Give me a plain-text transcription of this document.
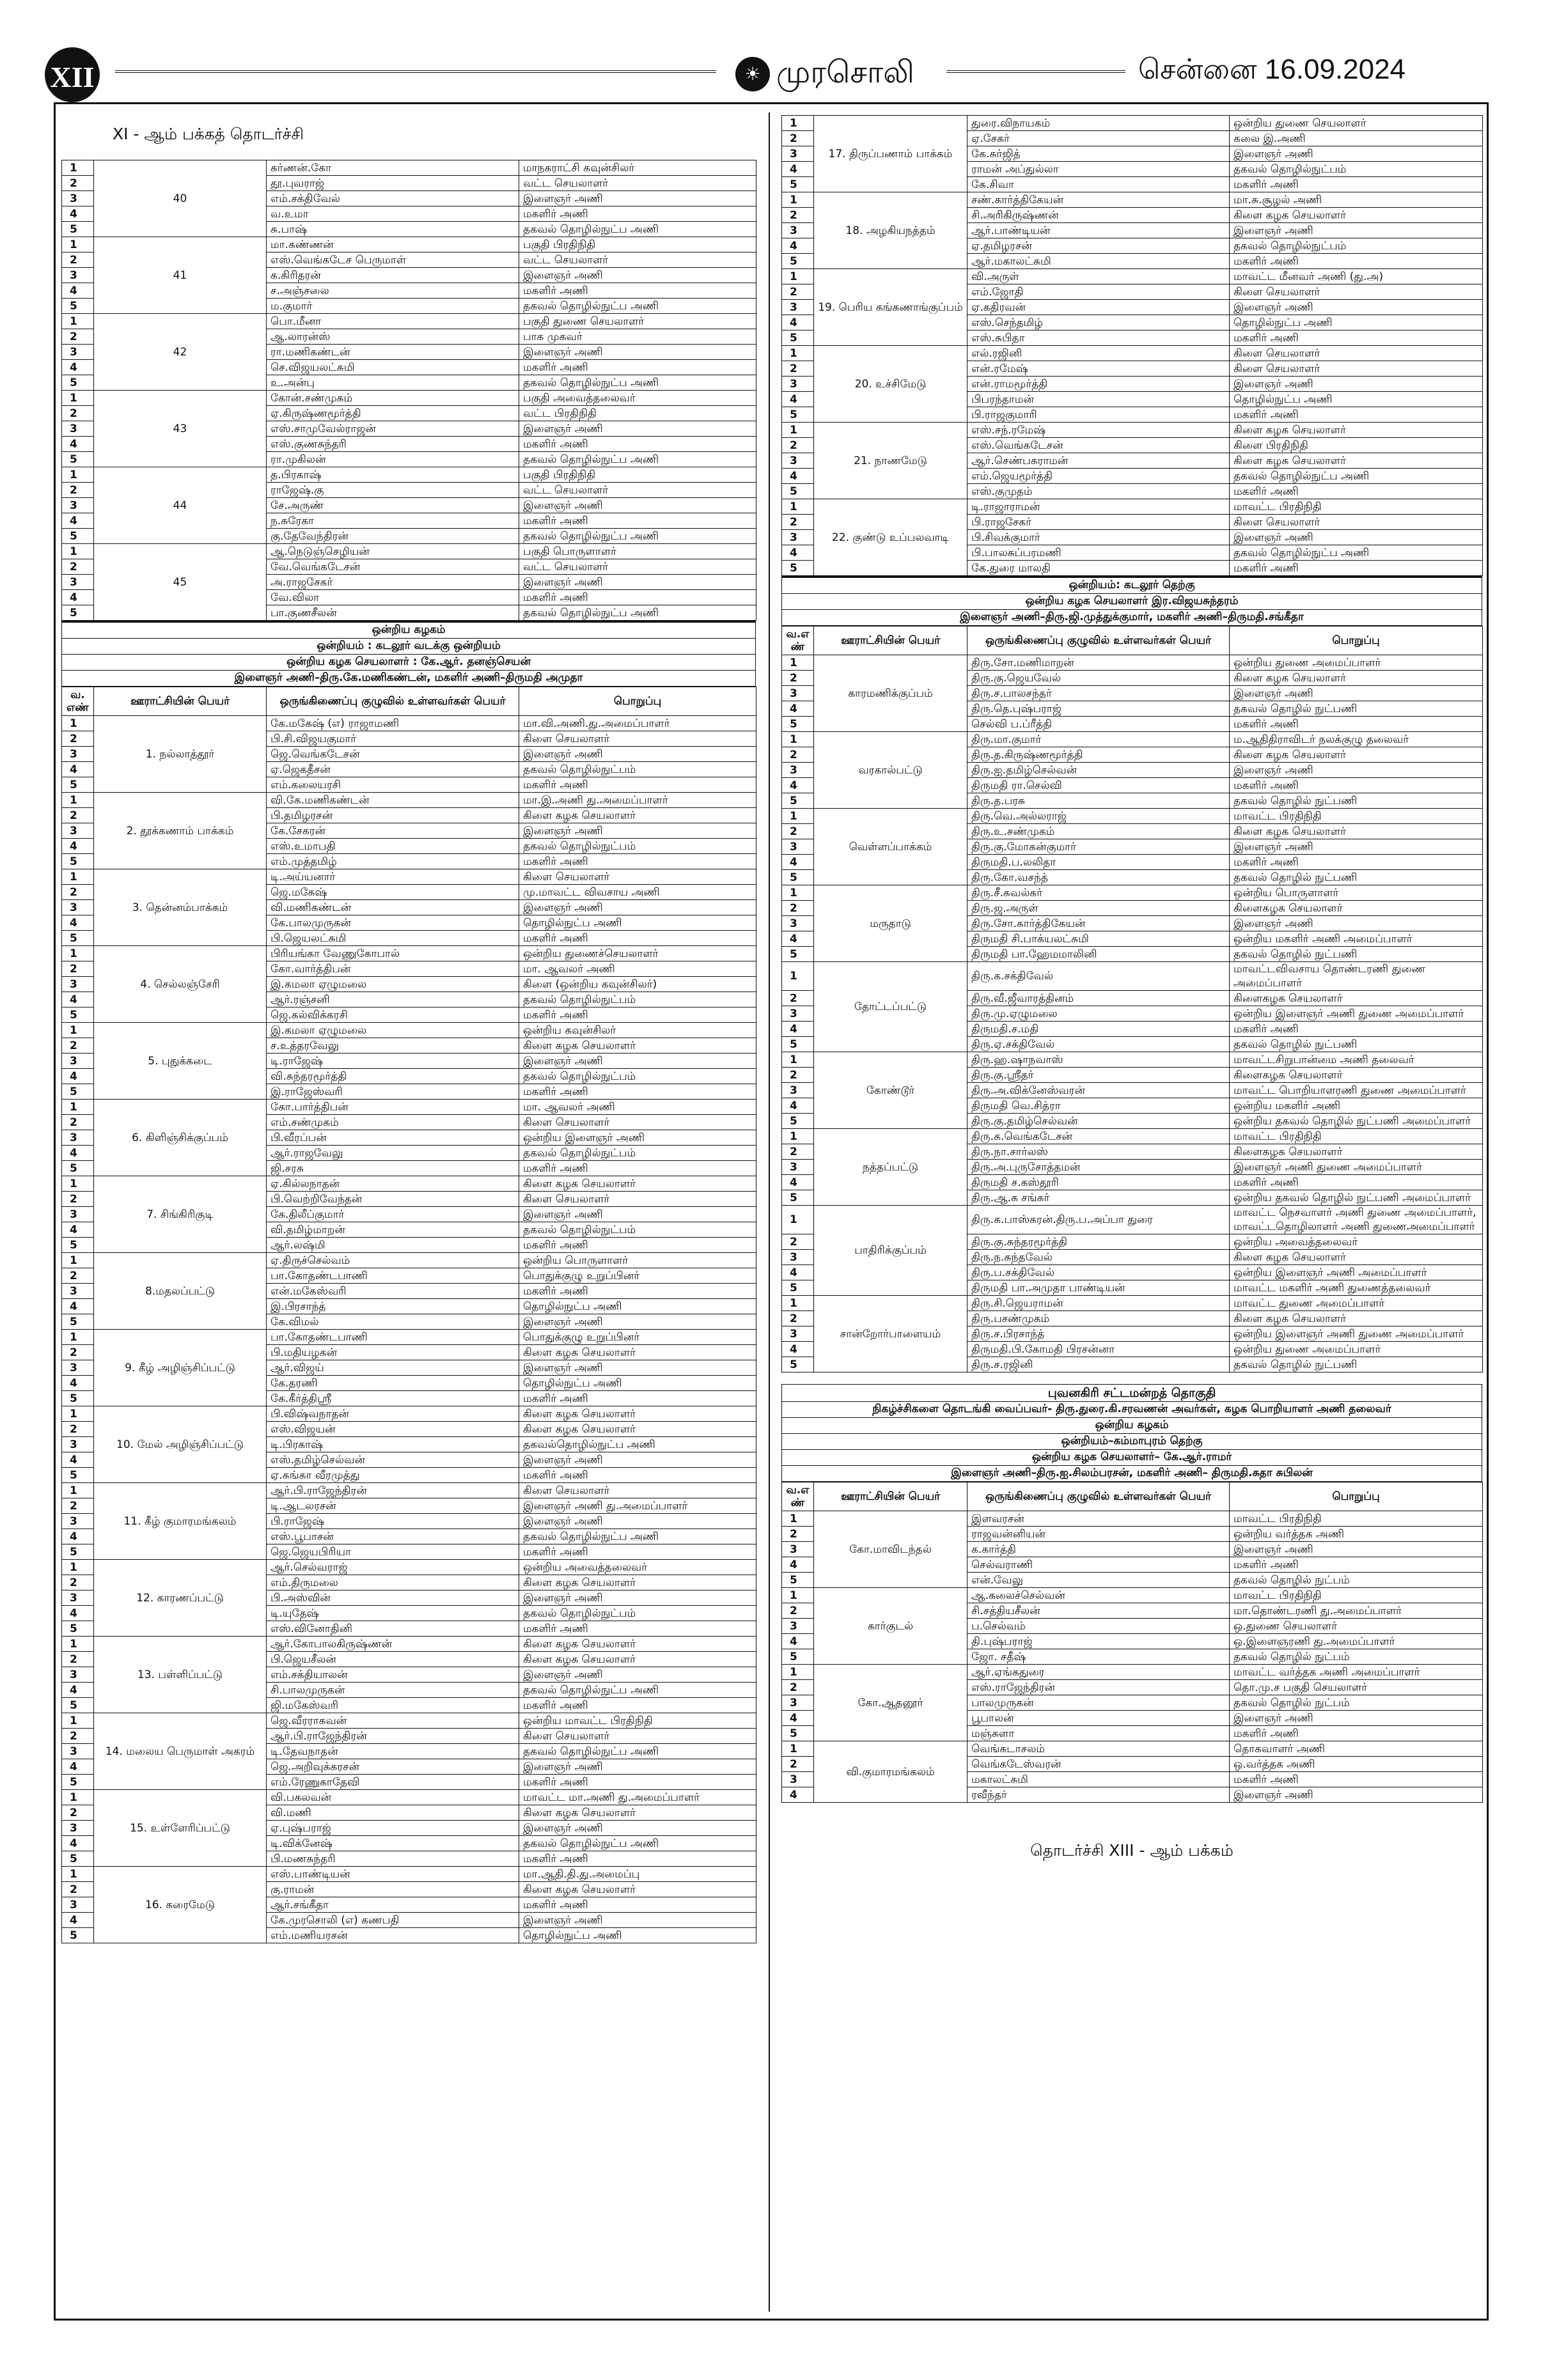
XII	☀ முரசொலி	சென்னை 16.09.2024
XI - ஆம் பக்கத் தொடர்ச்சி
1	40	கர்ணன்.கோ	மாநகராட்சி கவுன்சிலர்
2		தூ.புவராஜ்	வட்ட செயலாளர்
3		எம்.சக்திவேல்	இளைஞர் அணி
4		வ.உமா	மகளிர் அணி
5		சு.பாஷ்	தகவல் தொழில்நுட்ப அணி
1	41	மா.கண்ணன்	பகுதி பிரதிநிதி
2		எஸ்.வெங்கடேச பெருமாள்	வட்ட செயலாளர்
3		க.கிரிதரன்	இளைஞர் அணி
4		ச.அஞ்சலை	மகளிர் அணி
5		ம.குமார்	தகவல் தொழில்நுட்ப அணி
1	42	பொ.மீனா	பகுதி துணை செயலாளர்
2		ஆ.லாரன்ஸ்	பாக முகவர்
3		ரா.மணிகண்டன்	இளைஞர் அணி
4		செ.விஜயலட்சுமி	மகளிர் அணி
5		உ.அன்பு	தகவல் தொழில்நுட்ப அணி
1	43	கோன்.சண்முகம்	பகுதி அவைத்தலைவர்
2		ஏ.கிருஷ்ணமூர்த்தி	வட்ட பிரதிநிதி
3		எஸ்.சாமுவேல்ராஜன்	இளைஞர் அணி
4		எஸ்.குணசுந்தரி	மகளிர் அணி
5		ரா.முகிலன்	தகவல் தொழில்நுட்ப அணி
1	44	த.பிரகாஷ்	பகுதி பிரதிநிதி
2		ராஜேஷ்.கு	வட்ட செயலாளர்
3		சே.அருண்	இளைஞர் அணி
4		ந.சுரேகா	மகளிர் அணி
5		கு.தேவேந்திரன்	தகவல் தொழில்நுட்ப அணி
1	45	ஆ.நெடுஞ்செழியன்	பகுதி பொருளாளர்
2		வே.வெங்கடேசன்	வட்ட செயலாளர்
3		அ.ராஜசேகர்	இளைஞர் அணி
4		வே.விலா	மகளிர் அணி
5		பா.குணசீலன்	தகவல் தொழில்நுட்ப அணி
ஒன்றிய கழகம்
ஒன்றியம் : கடலூர் வடக்கு ஒன்றியம்
ஒன்றிய கழக செயலாளர் : கே.ஆர். தனஞ்செயன்
இளைஞர் அணி–திரு.கே.மணிகண்டன், மகளிர் அணி–திருமதி அமுதா
வ. எண்	ஊராட்சியின் பெயர்	ஒருங்கிணைப்பு குழுவில் உள்ளவர்கள் பெயர்	பொறுப்பு
1	1. நல்லாத்தூர்	கே.மகேஷ் (எ) ராஜாமணி	மா.வி.அணி.து.அமைப்பாளர்
2		பி.சி.விஜயகுமார்	கிளை செயலாளர்
3		ஜெ.வெங்கடேசன்	இளைஞர் அணி
4		ஏ.ஜெகதீசன்	தகவல் தொழில்நுட்பம்
5		எம்.கலையரசி	மகளிர் அணி
1	2. தூக்கணாம் பாக்கம்	வி.கே.மணிகண்டன்	மா.இ.அணி து.அமைப்பாளர்
2		பி.தமிழரசன்	கிளை கழக செயலாளர்
3		கே.சேகரன்	இளைஞர் அணி
4		எஸ்.உமாபதி	தகவல் தொழில்நுட்பம்
5		எம்.முத்தமிழ்	மகளிர் அணி
1	3. தென்னம்பாக்கம்	டி.அய்யனார்	கிளை செயலாளர்
2		ஜெ.மகேஷ்	மு.மாவட்ட விவசாய அணி
3		வி.மணிகண்டன்	இளைஞர் அணி
4		கே.பாலமுருகன்	தொழில்நுட்ப அணி
5		பி.ஜெயலட்சுமி	மகளிர் அணி
1	4. செல்லஞ்சேரி	பிரியங்கா வேணுகோபால்	ஒன்றிய துணைச்செயலாளர்
2		கோ.வார்த்திபன்	மா. ஆவலர் அணி
3		இ.கமலா ஏழுமலை	கிளை (ஒன்றிய கவுன்சிலர்)
4		ஆர்.ரஞ்சனி	தகவல் தொழில்நுட்பம்
5		ஜெ.கல்விக்கரசி	மகளிர் அணி
1	5. புதுக்கடை	இ.கமலா ஏழுமலை	ஒன்றிய கவுன்சிலர்
2		ச.உத்தரவேலு	கிளை கழக செயலாளர்
3		டி.ராஜேஷ்	இளைஞர் அணி
4		வி.சுந்தரமூர்த்தி	தகவல் தொழில்நுட்பம்
5		இ.ராஜேஸ்வரி	மகளிர் அணி
1	6. கிளிஞ்சிக்குப்பம்	கோ.பார்த்திபன்	மா. ஆவலர் அணி
2		எம்.சண்முகம்	கிளை செயலாளர்
3		பி.வீரப்பன்	ஒன்றிய இளைஞர் அணி
4		ஆர்.ராஜவேலு	தகவல் தொழில்நுட்பம்
5		ஜி.சரசு	மகளிர் அணி
1	7. சிங்கிரிகுடி	ஏ.கில்லநாதன்	கிளை கழக செயலாளர்
2		பி.வெற்றிவேந்தன்	கிளை செயலாளர்
3		கே.திலீப்குமார்	இளைஞர் அணி
4		வி.தமிழ்மாறன்	தகவல் தொழில்நுட்பம்
5		ஆர்.லஷ்மி	மகளிர் அணி
1	8.மதலப்பட்டு	ஏ.திருச்செல்வம்	ஒன்றிய பொருளாளர்
2		பா.கோதண்டபாணி	பொதுக்குழு உறுப்பினர்
3		என்.மகேஸ்வரி	மகளிர் அணி
4		இ.பிரசாந்த்	தொழில்நுட்ப அணி
5		கே.விமல்	இளைஞர் அணி
1	9. கீழ் அழிஞ்சிப்பட்டு	பா.கோதண்டபாணி	பொதுக்குழு உறுப்பினர்
2		பி.மதியழகன்	கிளை கழக செயலாளர்
3		ஆர்.விஜய்	இளைஞர் அணி
4		கே.தரணி	தொழில்நுட்ப அணி
5		கே.கீர்த்திஸ்ரீ	மகளிர் அணி
1	10. மேல் அழிஞ்சிப்பட்டு	பி.விஷ்வநாதன்	கிளை கழக செயலாளர்
2		எஸ்.விஜயன்	கிளை கழக செயலாளர்
3		டி.பிரகாஷ்	தகவல்தொழில்நுட்ப அணி
4		எஸ்.தமிழ்செல்வன்	இளைஞர் அணி
5		ஏ.சுங்கா வீரமுத்து	மகளிர் அணி
1	11. கீழ் குமாரமங்கலம்	ஆர்.பி.ராஜேந்திரன்	கிளை செயலாளர்
2		டி.ஆடலரசன்	இளைஞர் அணி து.அமைப்பாளர்
3		பி.ராஜேஷ்	இளைஞர் அணி
4		எஸ்.பூபாசன்	தகவல் தொழில்நுட்ப அணி
5		ஜெ.ஜெயபிரியா	மகளிர் அணி
1	12. காரணப்பட்டு	ஆர்.செல்வராஜ்	ஒன்றிய அவைத்தலைவர்
2		எம்.திருமலை	கிளை கழக செயலாளர்
3		பி.அஸ்வின்	இளைஞர் அணி
4		டி.யுதேஷ்	தகவல் தொழில்நுட்பம்
5		எஸ்.வினோதினி	மகளிர் அணி
1	13. பள்ளிப்பட்டு	ஆர்.கோபாலகிருஷ்ணன்	கிளை கழக செயலாளர்
2		பி.ஜெயசீலன்	கிளை கழக செயலாளர்
3		எம்.சக்தியாலன்	இளைஞர் அணி
4		சி.பாலமுருகன்	தகவல் தொழில்நுட்ப அணி
5		ஜி.மகேஸ்வரி	மகளிர் அணி
1	14. மலைய பெருமாள் அகரம்	ஜெ.வீரராகவன்	ஒன்றிய மாவட்ட பிரதிநிதி
2		ஆர்.பி.ராஜேந்திரன்	கிளை செயலாளர்
3		டி.தேவநாதன்	தகவல் தொழில்நுட்ப அணி
4		ஜெ.அறிவுக்கரசன்	இளைஞர் அணி
5		எம்.ரேணுகாதேவி	மகளிர் அணி
1	15. உள்ளேரிப்பட்டு	வி.பகலவன்	மாவட்ட மா.அணி து.அமைப்பாளர்
2		வி.மணி	கிளை கழக செயலாளர்
3		ஏ.புஷ்பராஜ்	இளைஞர் அணி
4		டி.விக்னேஷ்	தகவல் தொழில்நுட்ப அணி
5		பி.மணசுந்தரி	மகளிர் அணி
1	16. கரைமேடு	எஸ்.பாண்டியன்	மா.ஆதி.தி.து.அமைப்பு
2		கு.ராமன்	கிளை கழக செயலாளர்
3		ஆர்.சங்கீதா	மகளிர் அணி
4		கே.முரசொலி (எ) கணபதி	இளைஞர் அணி
5		எம்.மணியரசன்	தொழில்நுட்ப அணி
1	17. திருப்பணாம் பாக்கம்	துரை.விநாயகம்	ஒன்றிய துணை செயலாளர்
2		ஏ.சேகர்	கலை இ.அணி
3		கே.சுர்ஜித்	இளைஞர் அணி
4		ராமன் அப்துல்லா	தகவல் தொழில்நுட்பம்
5		கே.சிவா	மகளிர் அணி
1	18. அழகியநத்தம்	சண்.கார்த்திகேயன்	மா.சு.சூழல் அணி
2		சி.அரிகிருஷ்ணன்	கிளை கழக செயலாளர்
3		ஆர்.பாண்டியன்	இளைஞர் அணி
4		ஏ.தமிழரசன்	தகவல் தொழில்நுட்பம்
5		ஆர்.மகாலட்சுமி	மகளிர் அணி
1	19. பெரிய கங்கணாங்குப்பம்	வி.அருள்	மாவட்ட மீனவர் அணி (து.அ)
2		எம்.ஜோதி	கிளை செயலாளர்
3		ஏ.கதிரவன்	இளைஞர் அணி
4		எஸ்.செந்தமிழ்	தொழில்நுட்ப அணி
5		எஸ்.சுபிதா	மகளிர் அணி
1	20. உச்சிமேடு	எல்.ரஜினி	கிளை செயலாளர்
2		என்.ரமேஷ்	கிளை செயலாளர்
3		என்.ராமமூர்த்தி	இளைஞர் அணி
4		பிபரந்தாமன்	தொழில்நுட்ப அணி
5		பி.ராஜகுமாரி	மகளிர் அணி
1	21. நாணமேடு	எஸ்.சந்.ரமேஷ்	கிளை கழக செயலாளர்
2		எஸ்.வெங்கடேசன்	கிளை பிரதிநிதி
3		ஆர்.செண்பகராமன்	கிளை கழக செயலாளர்
4		எம்.ஜெயமூர்த்தி	தகவல் தொழில்நுட்ப அணி
5		எஸ்.குமுதம்	மகளிர் அணி
1	22. குண்டு உப்பலவாடி	டி.ராஜாராமன்	மாவட்ட பிரதிநிதி
2		பி.ராஜசேகர்	கிளை செயலாளர்
3		பி.சிவக்குமார்	இளைஞர் அணி
4		பி.பாலசுப்பரமணி	தகவல் தொழில்நுட்ப அணி
5		கே.துரை மாலதி	மகளிர் அணி
ஒன்றியம்: கடலூர் தெற்கு
ஒன்றிய கழக செயலாளர் இர.விஜயசுந்தரம்
இளைஞர் அணி–திரு.ஜி.முத்துக்குமார், மகளிர் அணி–திருமதி.சங்கீதா
வ.எ ண்	ஊராட்சியின் பெயர்	ஒருங்கிணைப்பு குழுவில் உள்ளவர்கள் பெயர்	பொறுப்பு
1	காரமணிக்குப்பம்	திரு.சோ.மணிமாறன்	ஒன்றிய துணை அமைப்பாளர்
2		திரு.கு.ஜெயவேல்	கிளை கழக செயலாளர்
3		திரு.ச.பாலசந்தர்	இளைஞர் அணி
4		திரு.தெ.புஷ்பராஜ்	தகவல் தொழில் நுட்பணி
5		செல்வி ப.ப்ரீத்தி	மகளிர் அணி
1	வரகால்பட்டு	திரு.மா.குமார்	ம.ஆதிதிராவிடர் நலக்குழு தலைவர்
2		திரு.த.கிருஷ்ணமூர்த்தி	கிளை கழக செயலாளர்
3		திரு.ஐ.தமிழ்செல்வன்	இளைஞர் அணி
4		திருமதி ரா.செல்வி	மகளிர் அணி
5		திரு.த.பரசு	தகவல் தொழில் நுட்பணி
1	வெள்ளப்பாக்கம்	திரு.வெ.அல்லராஜ்	மாவட்ட பிரதிநிதி
2		திரு.உ.சண்முகம்	கிளை கழக செயலாளர்
3		திரு.கு.மோகன்குமார்	இளைஞர் அணி
4		திருமதி.ப.லலிதா	மகளிர் அணி
5		திரு.கோ.வசந்த்	தகவல் தொழில் நுட்பணி
1	மருதாடு	திரு.சீ.சுவல்கர்	ஒன்றிய பொருளாளர்
2		திரு.ஜ.அருள்	கிளைகழக செயலாளர்
3		திரு.சோ.கார்த்திகேயன்	இளைஞர் அணி
4		திருமதி சி.பாக்யலட்சுமி	ஒன்றிய மகளிர் அணி அமைப்பாளர்
5		திருமதி பா.ஹேமமாலினி	தகவல் தொழில் நுட்பணி
1	தோட்டப்பட்டு	திரு.க.சக்திவேல்	மாவட்டவிவசாய தொண்டரணி துணை அமைப்பாளர்
2		திரு.வீ.ஜீவாரத்தினம்	கிளைகழக செயலாளர்
3		திரு.மு.ஏழுமலை	ஒன்றிய இளைஞர் அணி துணை அமைப்பாளர்
4		திருமதி.ச.மதி	மகளிர் அணி
5		திரு.ஏ.சக்திவேல்	தகவல் தொழில் நுட்பணி
1	கோண்டூர்	திரு.ஹ.ஷாநவாஸ்	மாவட்டசிறுபான்மை அணி தலைவர்
2		திரு.கு.ஸ்ரீதர்	கிளைகழக செயலாளர்
3		திரு.அ.விக்னேஸ்வரன்	மாவட்ட பொறியாளரணி துணை அமைப்பாளர்
4		திருமதி வெ.சித்ரா	ஒன்றிய மகளிர் அணி
5		திரு.கு.தமிழ்செல்வன்	ஒன்றிய தகவல் தொழில் நுட்பணி அமைப்பாளர்
1	நத்தப்பட்டு	திரு.க.வெங்கடேசன்	மாவட்ட பிரதிநிதி
2		திரு.நா.சார்லஸ்	கிளைகழக செயலாளர்
3		திரு.அ.புருசோத்தமன்	இளைஞர் அணி துணை அமைப்பாளர்
4		திருமதி ச.கஸ்தூரி	மகளிர் அணி
5		திரு.ஆ.க சங்கர்	ஒன்றிய தகவல் தொழில் நுட்பணி அமைப்பாளர்
1	பாதிரிக்குப்பம்	திரு.க.பாஸ்கரன்.திரு.ப.அப்பா துரை	மாவட்ட நெசவாளர் அணி துணை அமைப்பாளர், மாவட்டதொழிலாளர் அணி துணைஅமைப்பாளர்
2		திரு.கு.சுந்தரமூர்த்தி	ஒன்றிய அவைத்தலைவர்
3		திரு.ந.சுந்தவேல்	கிளை கழக செயலாளர்
4		திரு.ப.சக்திவேல்	ஒன்றிய இளைஞர் அணி அமைப்பாளர்
5		திருமதி பா.அமுதா பாண்டியன்	மாவட்ட மகளிர் அணி துணைத்தலைவர்
1	சான்றோர்பாளையம்	திரு.சி.ஜெயராமன்	மாவட்ட துணை அமைப்பாளர்
2		திரு.பசண்முகம்	கிளை கழக செயலாளர்
3		திரு.ச.பிரசாந்த்	ஒன்றிய இளைஞர் அணி துணை அமைப்பாளர்
4		திருமதி.பி.கோமதி பிரசன்னா	ஒன்றிய துணை அமைப்பாளர்
5		திரு.ச.ரஜினி	தகவல் தொழில் நுட்பணி
புவனகிரி சட்டமன்றத் தொகுதி
நிகழ்ச்சிகளை தொடங்கி வைப்பவர்- திரு.துரை.கி.சரவணன் அவர்கள், கழக பொறியாளர் அணி தலைவர்
ஒன்றிய கழகம்
ஒன்றியம்–கம்மாபுரம் தெற்கு
ஒன்றிய கழக செயலாளர்– கே.ஆர்.ராமர்
இளைஞர் அணி–திரு.ஐ.சிலம்பரசன், மகளிர் அணி– திருமதி.சுதா சுபிலன்
வ.எ ண்	ஊராட்சியின் பெயர்	ஒருங்கிணைப்பு குழுவில் உள்ளவர்கள் பெயர்	பொறுப்பு
1	கோ.மாவிடந்தல்	இளவரசன்	மாவட்ட பிரதிநிதி
2		ராஜவன்னியன்	ஒன்றிய வர்த்தக அணி
3		க.கார்த்தி	இளைஞர் அணி
4		செல்வராணி	மகளிர் அணி
5		என்.வேலு	தகவல் தொழில் நுட்பம்
1	கார்குடல்	ஆ.கலைச்செல்வன்	மாவட்ட பிரதிநிதி
2		சி.சத்தியசீலன்	மா.தொண்டரணி து.அமைப்பாளர்
3		ப.செல்வம்	ஒ.துணை செயலாளர்
4		தி.புஷ்பராஜ்	ஒ.இளைஞரணி து.அமைப்பாளர்
5		ஜோ. சதீஷ்	தகவல் தொழில் நுட்பம்
1	கோ.ஆதனூர்	ஆர்.ஏங்கதுரை	மாவட்ட வர்த்தக அணி அமைப்பாளர்
2		எஸ்.ராஜேந்திரன்	தொ.மு.ச பகுதி செயலாளர்
3		பாலமுருகன்	தகவல் தொழில் நுட்பம்
4		பூபாலன்	இளைஞர் அணி
5		மஞ்சுளா	மகளிர் அணி
1	வி.குமாரமங்கலம்	வெங்கடாசலம்	தொகவாளர் அணி
2		வெங்கடேஸ்வரன்	ஒ.வர்த்தக அணி
3		மகாலட்சுமி	மகளிர் அணி
4		ரவீந்தர்	இளைஞர் அணி
தொடர்ச்சி XIII - ஆம் பக்கம்
